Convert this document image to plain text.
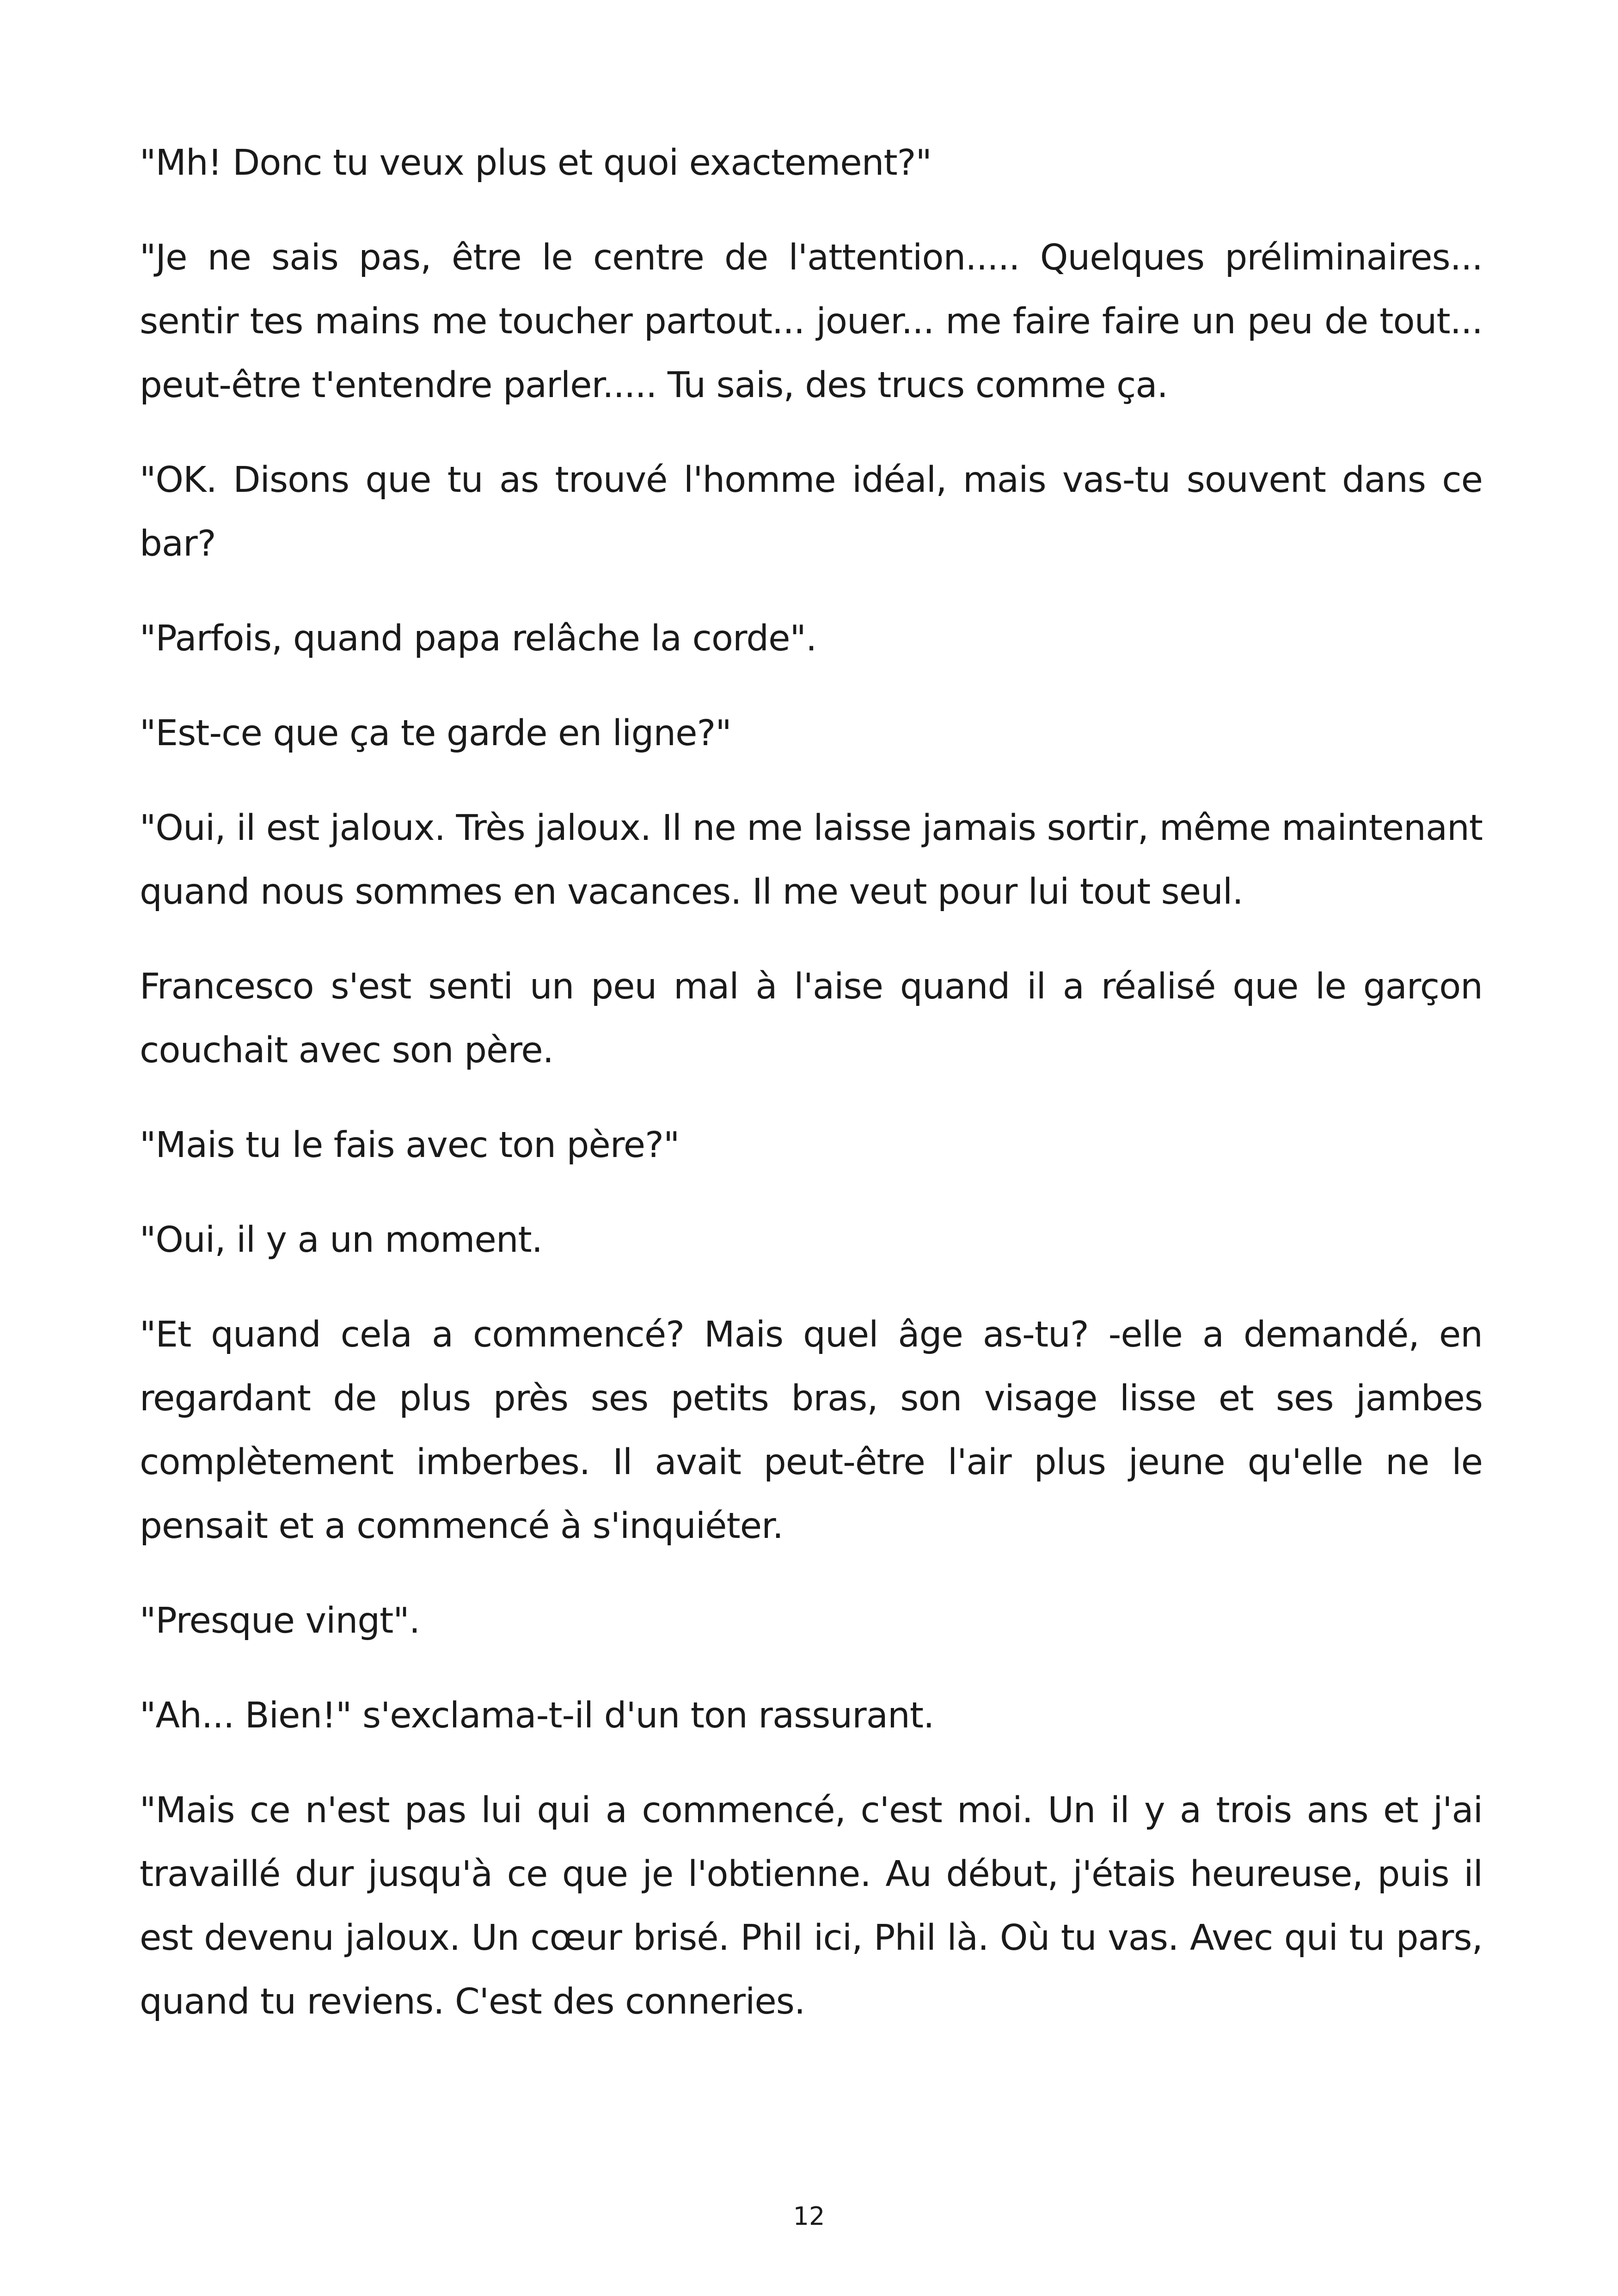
"Mh! Donc tu veux plus et quoi exactement?"

"Je ne sais pas, être le centre de l'attention..... Quelques préliminaires... sentir tes mains me toucher partout... jouer... me faire faire un peu de tout... peut-être t'entendre parler..... Tu sais, des trucs comme ça.

"OK. Disons que tu as trouvé l'homme idéal, mais vas-tu souvent dans ce bar?

"Parfois, quand papa relâche la corde".

"Est-ce que ça te garde en ligne?"

"Oui, il est jaloux. Très jaloux. Il ne me laisse jamais sortir, même maintenant quand nous sommes en vacances. Il me veut pour lui tout seul.

Francesco s'est senti un peu mal à l'aise quand il a réalisé que le garçon couchait avec son père.

"Mais tu le fais avec ton père?"

"Oui, il y a un moment.

"Et quand cela a commencé? Mais quel âge as-tu? -elle a demandé, en regardant de plus près ses petits bras, son visage lisse et ses jambes complètement imberbes. Il avait peut-être l'air plus jeune qu'elle ne le pensait et a commencé à s'inquiéter.

"Presque vingt".

"Ah... Bien!" s'exclama-t-il d'un ton rassurant.

"Mais ce n'est pas lui qui a commencé, c'est moi. Un il y a trois ans et j'ai travaillé dur jusqu'à ce que je l'obtienne. Au début, j'étais heureuse, puis il est devenu jaloux. Un cœur brisé. Phil ici, Phil là. Où tu vas. Avec qui tu pars, quand tu reviens. C'est des conneries.

12
